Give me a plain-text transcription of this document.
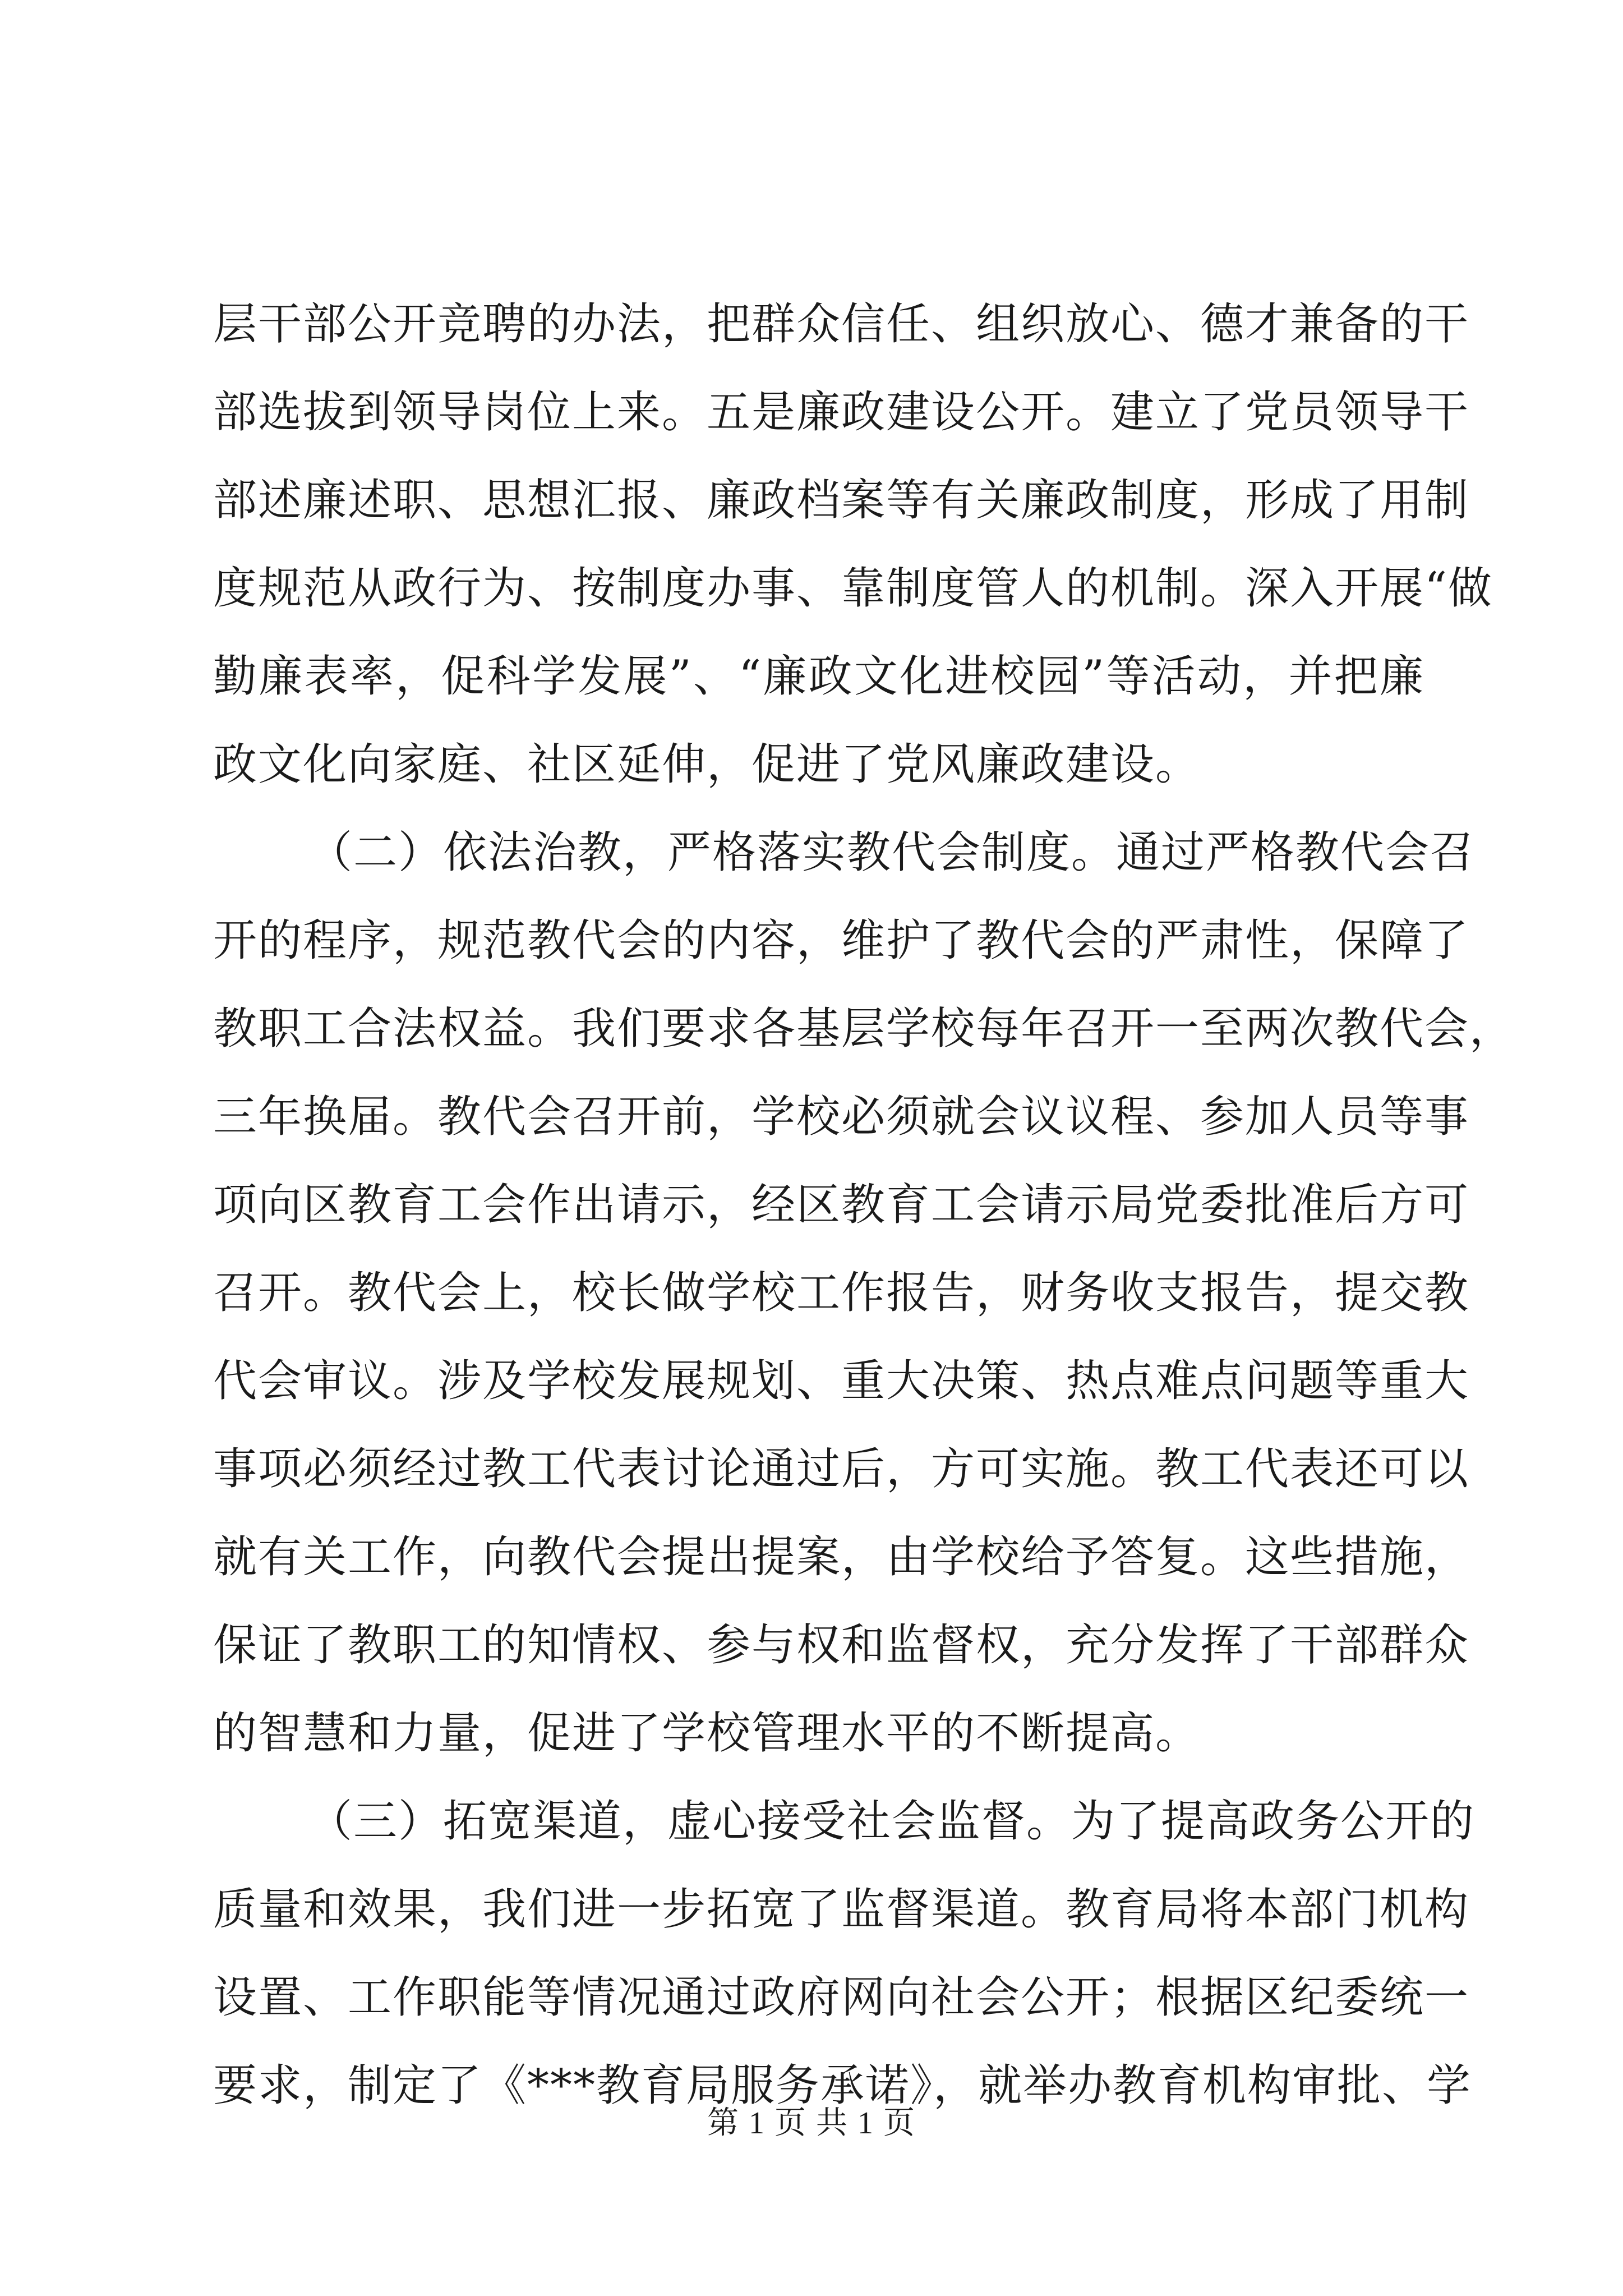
层干部公开竞聘的办法，把群众信任、组织放心、德才兼备的干
部选拔到领导岗位上来。五是廉政建设公开。建立了党员领导干
部述廉述职、思想汇报、廉政档案等有关廉政制度，形成了用制
度规范从政行为、按制度办事、靠制度管人的机制。深入开展“做
勤廉表率，促科学发展”、“廉政文化进校园”等活动，并把廉
政文化向家庭、社区延伸，促进了党风廉政建设。
（二）依法治教，严格落实教代会制度。通过严格教代会召
开的程序，规范教代会的内容，维护了教代会的严肃性，保障了
教职工合法权益。我们要求各基层学校每年召开一至两次教代会，
三年换届。教代会召开前，学校必须就会议议程、参加人员等事
项向区教育工会作出请示，经区教育工会请示局党委批准后方可
召开。教代会上，校长做学校工作报告，财务收支报告，提交教
代会审议。涉及学校发展规划、重大决策、热点难点问题等重大
事项必须经过教工代表讨论通过后，方可实施。教工代表还可以
就有关工作，向教代会提出提案，由学校给予答复。这些措施，
保证了教职工的知情权、参与权和监督权，充分发挥了干部群众
的智慧和力量，促进了学校管理水平的不断提高。
（三）拓宽渠道，虚心接受社会监督。为了提高政务公开的
质量和效果，我们进一步拓宽了监督渠道。教育局将本部门机构
设置、工作职能等情况通过政府网向社会公开；根据区纪委统一
要求，制定了《***教育局服务承诺》，就举办教育机构审批、学
第 1 页 共 1 页
